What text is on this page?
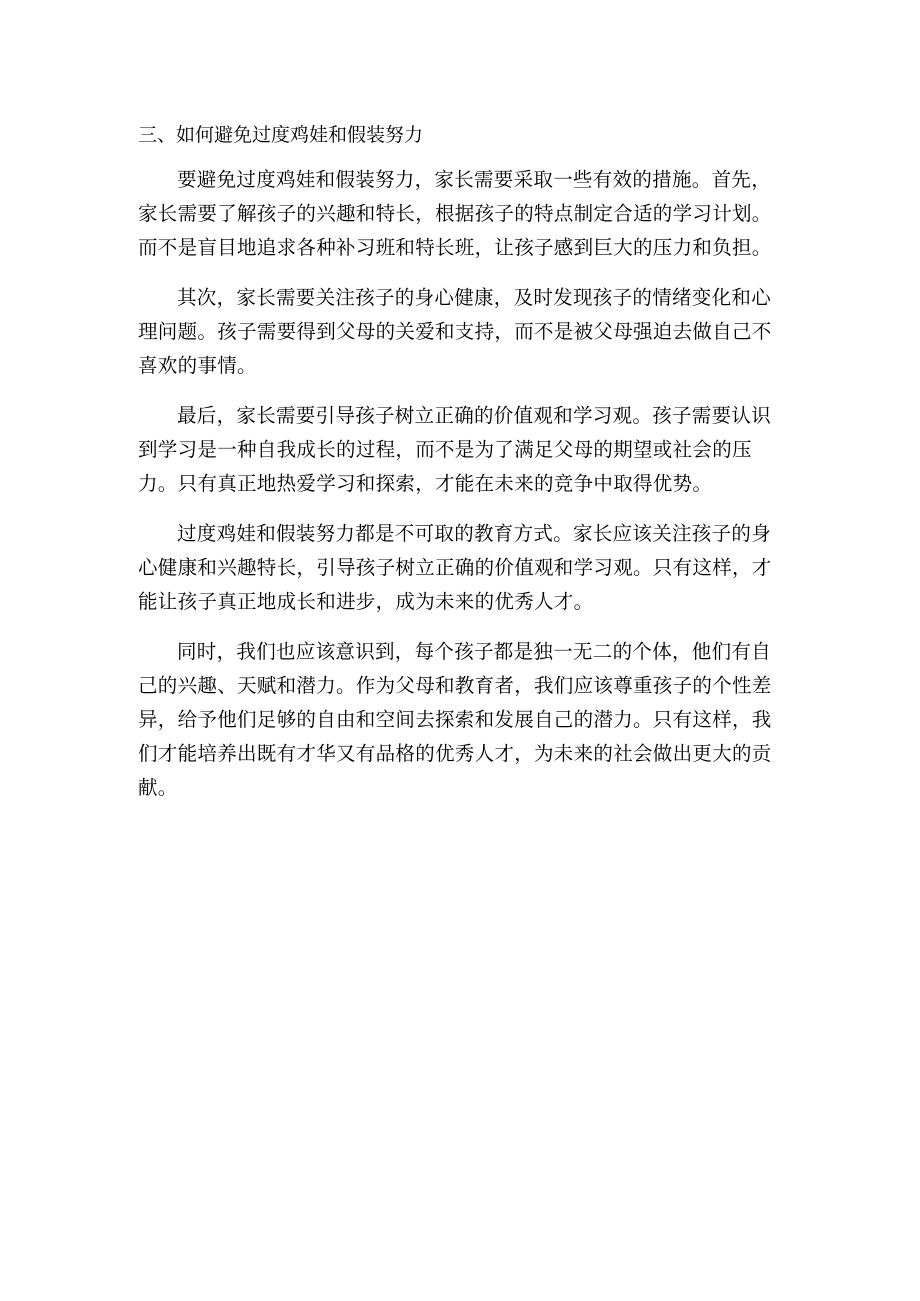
三、如何避免过度鸡娃和假装努力

要避免过度鸡娃和假装努力，家长需要采取一些有效的措施。首先，家长需要了解孩子的兴趣和特长，根据孩子的特点制定合适的学习计划。而不是盲目地追求各种补习班和特长班，让孩子感到巨大的压力和负担。

其次，家长需要关注孩子的身心健康，及时发现孩子的情绪变化和心理问题。孩子需要得到父母的关爱和支持，而不是被父母强迫去做自己不喜欢的事情。

最后，家长需要引导孩子树立正确的价值观和学习观。孩子需要认识到学习是一种自我成长的过程，而不是为了满足父母的期望或社会的压力。只有真正地热爱学习和探索，才能在未来的竞争中取得优势。

过度鸡娃和假装努力都是不可取的教育方式。家长应该关注孩子的身心健康和兴趣特长，引导孩子树立正确的价值观和学习观。只有这样，才能让孩子真正地成长和进步，成为未来的优秀人才。

同时，我们也应该意识到，每个孩子都是独一无二的个体，他们有自己的兴趣、天赋和潜力。作为父母和教育者，我们应该尊重孩子的个性差异，给予他们足够的自由和空间去探索和发展自己的潜力。只有这样，我们才能培养出既有才华又有品格的优秀人才，为未来的社会做出更大的贡献。
